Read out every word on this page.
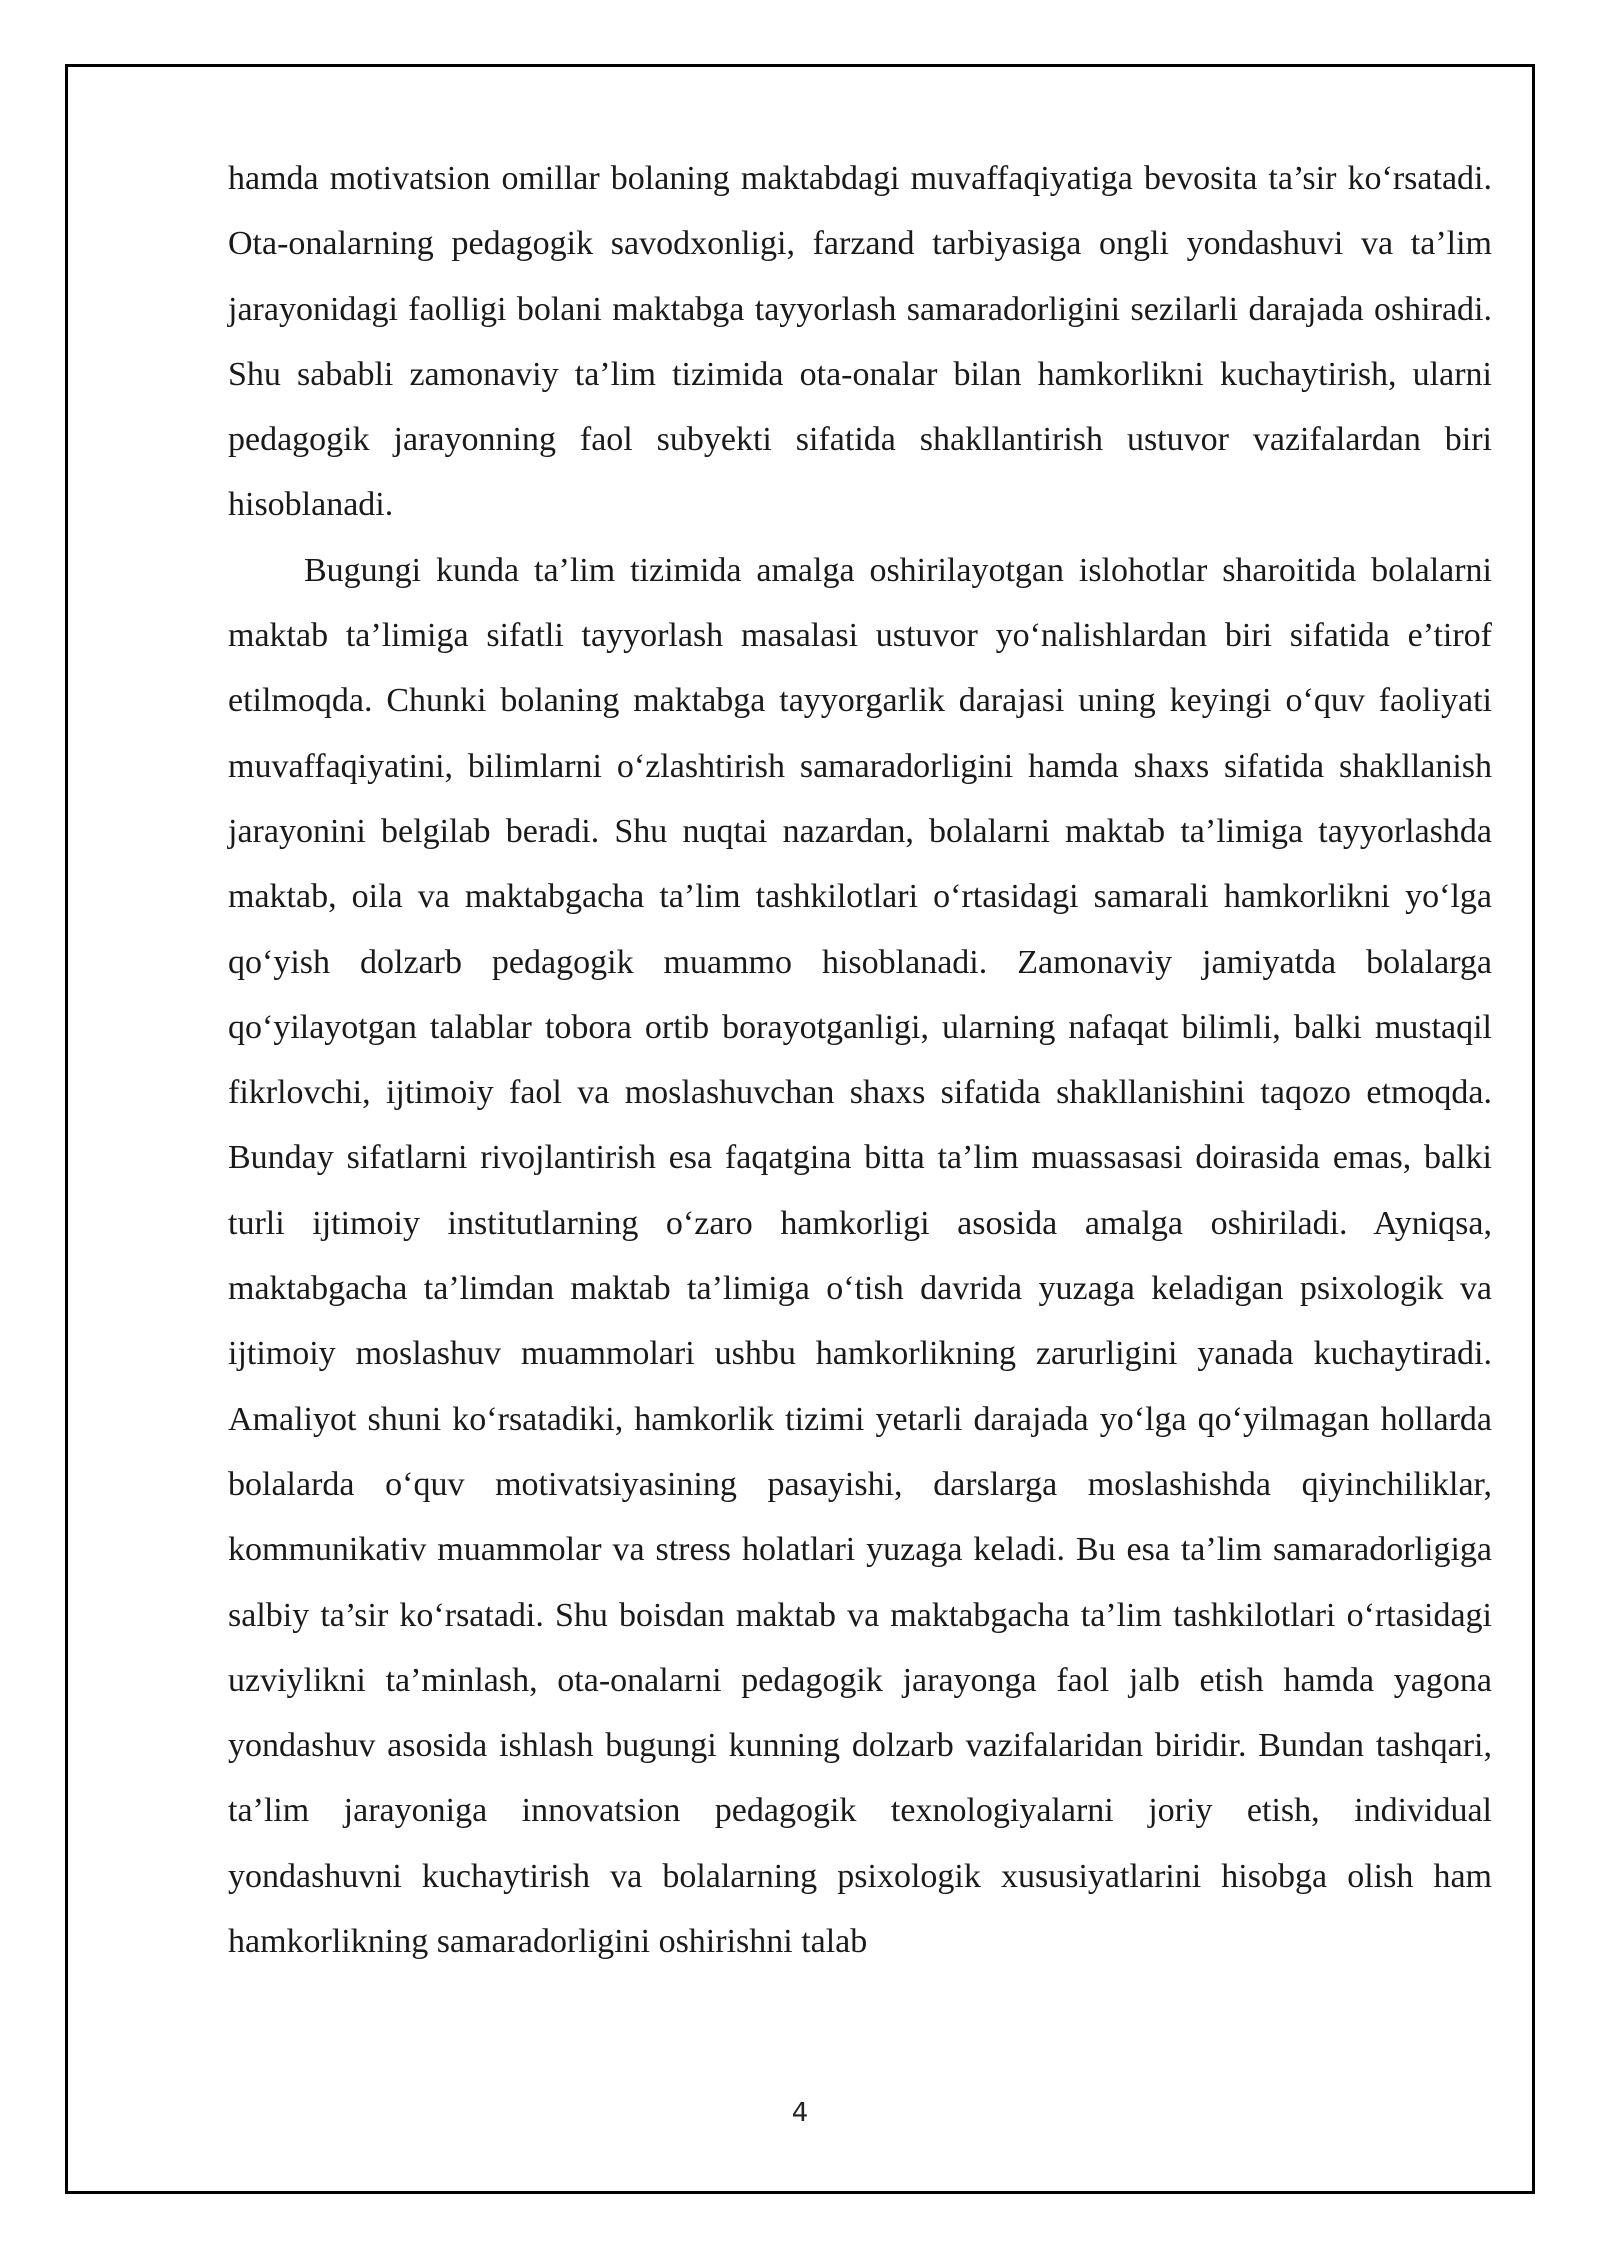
hamda motivatsion omillar bolaning maktabdagi muvaffaqiyatiga bevosita ta’sir ko‘rsatadi. Ota-onalarning pedagogik savodxonligi, farzand tarbiyasiga ongli yondashuvi va ta’lim jarayonidagi faolligi bolani maktabga tayyorlash samaradorligini sezilarli darajada oshiradi. Shu sababli zamonaviy ta’lim tizimida ota-onalar bilan hamkorlikni kuchaytirish, ularni pedagogik jarayonning faol subyekti sifatida shakllantirish ustuvor vazifalardan biri hisoblanadi.

Bugungi kunda ta’lim tizimida amalga oshirilayotgan islohotlar sharoitida bolalarni maktab ta’limiga sifatli tayyorlash masalasi ustuvor yo‘nalishlardan biri sifatida e’tirof etilmoqda. Chunki bolaning maktabga tayyorgarlik darajasi uning keyingi o‘quv faoliyati muvaffaqiyatini, bilimlarni o‘zlashtirish samaradorligini hamda shaxs sifatida shakllanish jarayonini belgilab beradi. Shu nuqtai nazardan, bolalarni maktab ta’limiga tayyorlashda maktab, oila va maktabgacha ta’lim tashkilotlari o‘rtasidagi samarali hamkorlikni yo‘lga qo‘yish dolzarb pedagogik muammo hisoblanadi. Zamonaviy jamiyatda bolalarga qo‘yilayotgan talablar tobora ortib borayotganligi, ularning nafaqat bilimli, balki mustaqil fikrlovchi, ijtimoiy faol va moslashuvchan shaxs sifatida shakllanishini taqozo etmoqda. Bunday sifatlarni rivojlantirish esa faqatgina bitta ta’lim muassasasi doirasida emas, balki turli ijtimoiy institutlarning o‘zaro hamkorligi asosida amalga oshiriladi. Ayniqsa, maktabgacha ta’limdan maktab ta’limiga o‘tish davrida yuzaga keladigan psixologik va ijtimoiy moslashuv muammolari ushbu hamkorlikning zarurligini yanada kuchaytiradi. Amaliyot shuni ko‘rsatadiki, hamkorlik tizimi yetarli darajada yo‘lga qo‘yilmagan hollarda bolalarda o‘quv motivatsiyasining pasayishi, darslarga moslashishda qiyinchiliklar, kommunikativ muammolar va stress holatlari yuzaga keladi. Bu esa ta’lim samaradorligiga salbiy ta’sir ko‘rsatadi. Shu boisdan maktab va maktabgacha ta’lim tashkilotlari o‘rtasidagi uzviylikni ta’minlash, ota-onalarni pedagogik jarayonga faol jalb etish hamda yagona yondashuv asosida ishlash bugungi kunning dolzarb vazifalaridan biridir. Bundan tashqari, ta’lim jarayoniga innovatsion pedagogik texnologiyalarni joriy etish, individual yondashuvni kuchaytirish va bolalarning psixologik xususiyatlarini hisobga olish ham hamkorlikning samaradorligini oshirishni talab

4
